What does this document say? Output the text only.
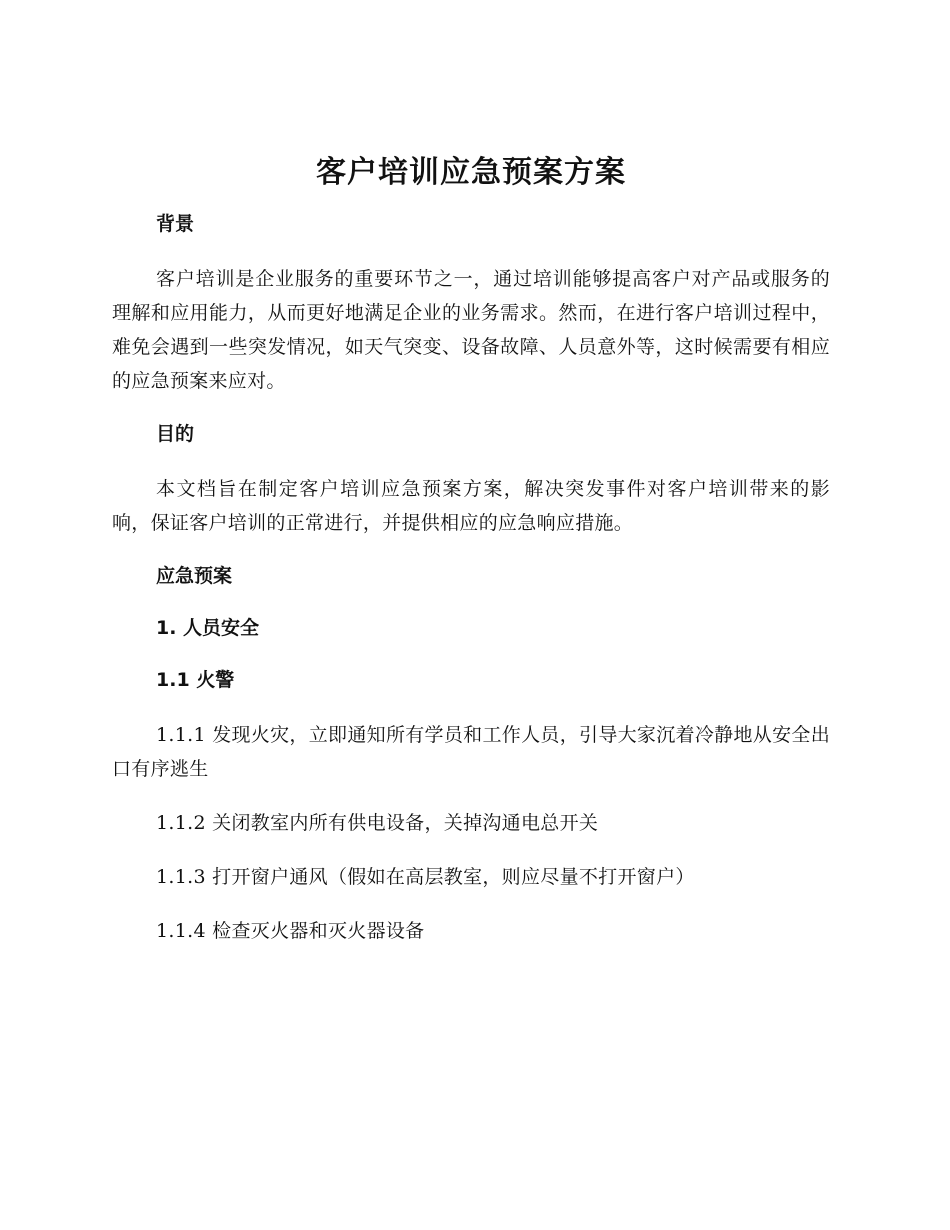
客户培训应急预案方案
背景

客户培训是企业服务的重要环节之一，通过培训能够提高客户对产品或服务的理解和应用能力，从而更好地满足企业的业务需求。然而，在进行客户培训过程中，难免会遇到一些突发情况，如天气突变、设备故障、人员意外等，这时候需要有相应的应急预案来应对。

目的

本文档旨在制定客户培训应急预案方案，解决突发事件对客户培训带来的影响，保证客户培训的正常进行，并提供相应的应急响应措施。

应急预案
1. 人员安全
1.1 火警

1.1.1 发现火灾，立即通知所有学员和工作人员，引导大家沉着冷静地从安全出口有序逃生

1.1.2 关闭教室内所有供电设备，关掉沟通电总开关

1.1.3 打开窗户通风（假如在高层教室，则应尽量不打开窗户）

1.1.4 检查灭火器和灭火器设备
